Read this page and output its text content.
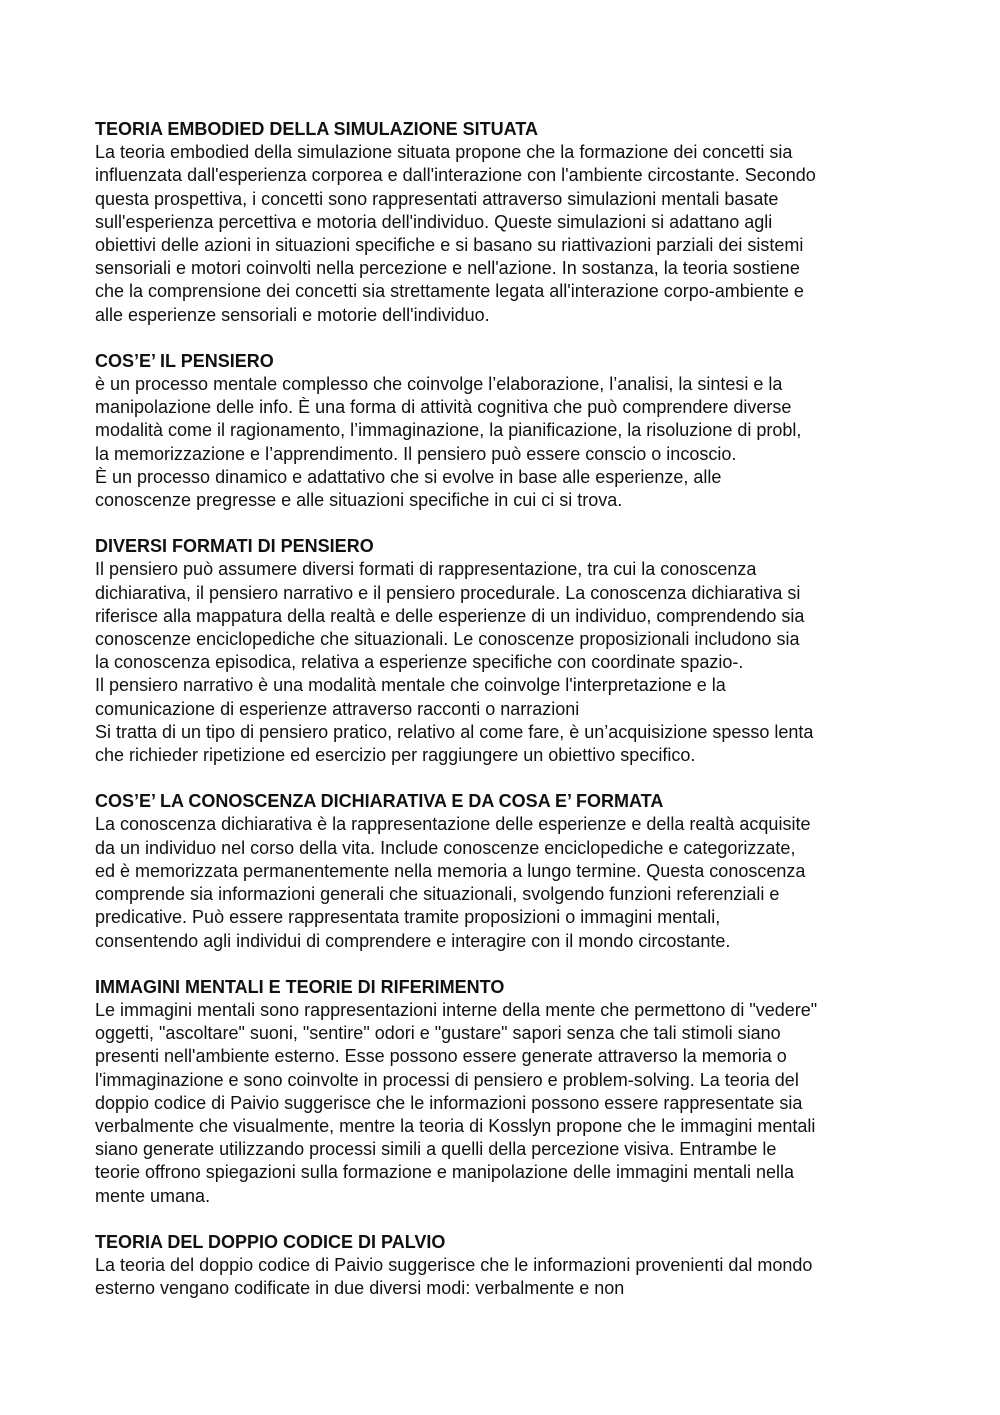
TEORIA EMBODIED DELLA SIMULAZIONE SITUATA

La teoria embodied della simulazione situata propone che la formazione dei concetti sia
influenzata dall'esperienza corporea e dall'interazione con l'ambiente circostante. Secondo
questa prospettiva, i concetti sono rappresentati attraverso simulazioni mentali basate
sull'esperienza percettiva e motoria dell'individuo. Queste simulazioni si adattano agli
obiettivi delle azioni in situazioni specifiche e si basano su riattivazioni parziali dei sistemi
sensoriali e motori coinvolti nella percezione e nell'azione. In sostanza, la teoria sostiene
che la comprensione dei concetti sia strettamente legata all'interazione corpo-ambiente e
alle esperienze sensoriali e motorie dell'individuo.

COS’E’ IL PENSIERO

è un processo mentale complesso che coinvolge l’elaborazione, l’analisi, la sintesi e la
manipolazione delle info. È una forma di attività cognitiva che può comprendere diverse
modalità come il ragionamento, l’immaginazione, la pianificazione, la risoluzione di probl,
la memorizzazione e l’apprendimento. Il pensiero può essere conscio o incoscio.
È un processo dinamico e adattativo che si evolve in base alle esperienze, alle
conoscenze pregresse e alle situazioni specifiche in cui ci si trova.

DIVERSI FORMATI DI PENSIERO

Il pensiero può assumere diversi formati di rappresentazione, tra cui la conoscenza
dichiarativa, il pensiero narrativo e il pensiero procedurale. La conoscenza dichiarativa si
riferisce alla mappatura della realtà e delle esperienze di un individuo, comprendendo sia
conoscenze enciclopediche che situazionali. Le conoscenze proposizionali includono sia
la conoscenza episodica, relativa a esperienze specifiche con coordinate spazio-.
Il pensiero narrativo è una modalità mentale che coinvolge l'interpretazione e la
comunicazione di esperienze attraverso racconti o narrazioni
Si tratta di un tipo di pensiero pratico, relativo al come fare, è un’acquisizione spesso lenta
che richieder ripetizione ed esercizio per raggiungere un obiettivo specifico.

COS’E’ LA CONOSCENZA DICHIARATIVA E DA COSA E’ FORMATA

La conoscenza dichiarativa è la rappresentazione delle esperienze e della realtà acquisite
da un individuo nel corso della vita. Include conoscenze enciclopediche e categorizzate,
ed è memorizzata permanentemente nella memoria a lungo termine. Questa conoscenza
comprende sia informazioni generali che situazionali, svolgendo funzioni referenziali e
predicative. Può essere rappresentata tramite proposizioni o immagini mentali,
consentendo agli individui di comprendere e interagire con il mondo circostante.

IMMAGINI MENTALI E TEORIE DI RIFERIMENTO

Le immagini mentali sono rappresentazioni interne della mente che permettono di "vedere"
oggetti, "ascoltare" suoni, "sentire" odori e "gustare" sapori senza che tali stimoli siano
presenti nell'ambiente esterno. Esse possono essere generate attraverso la memoria o
l'immaginazione e sono coinvolte in processi di pensiero e problem-solving. La teoria del
doppio codice di Paivio suggerisce che le informazioni possono essere rappresentate sia
verbalmente che visualmente, mentre la teoria di Kosslyn propone che le immagini mentali
siano generate utilizzando processi simili a quelli della percezione visiva. Entrambe le
teorie offrono spiegazioni sulla formazione e manipolazione delle immagini mentali nella
mente umana.

TEORIA DEL DOPPIO CODICE DI PALVIO

La teoria del doppio codice di Paivio suggerisce che le informazioni provenienti dal mondo
esterno vengano codificate in due diversi modi: verbalmente e non
